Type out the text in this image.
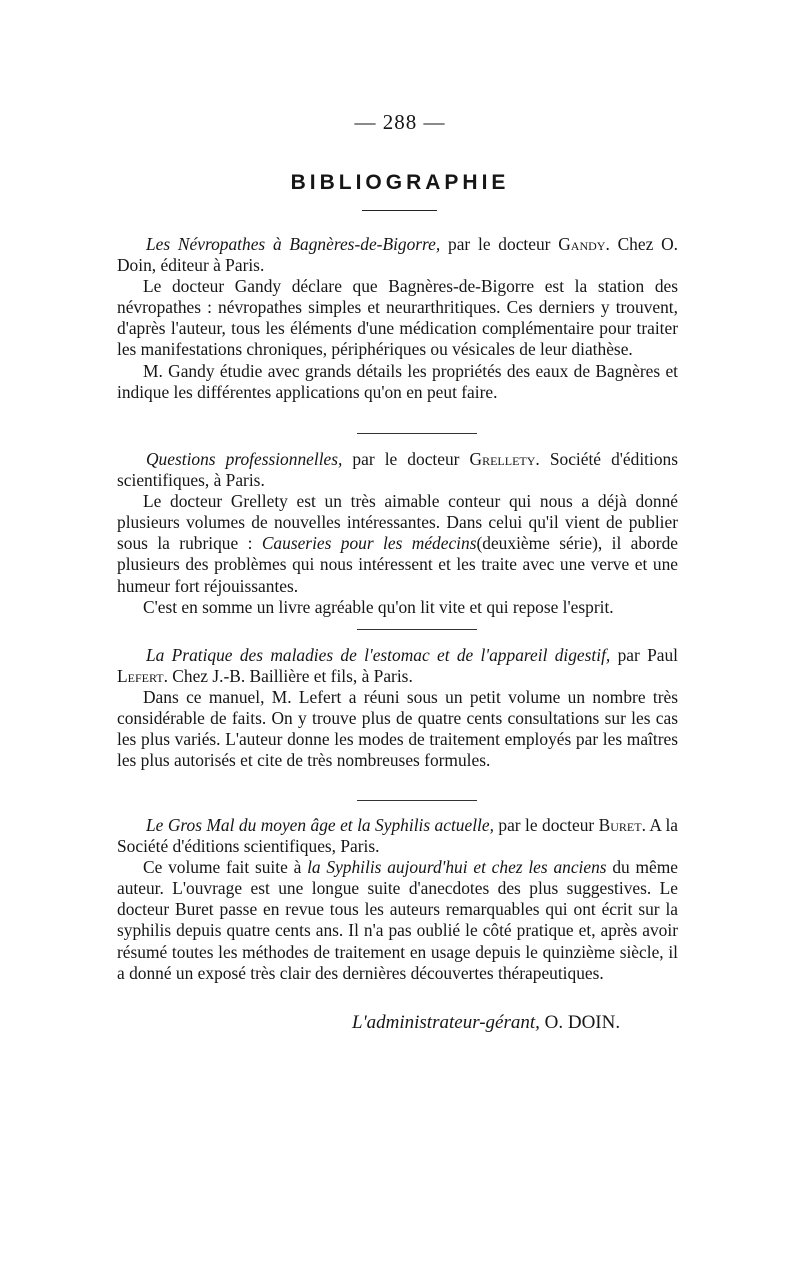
— 288 —
BIBLIOGRAPHIE

Les Névropathes à Bagnères-de-Bigorre, par le docteur Gandy. Chez O. Doin, éditeur à Paris.

Le docteur Gandy déclare que Bagnères-de-Bigorre est la station des névropathes : névropathes simples et neurarthritiques. Ces derniers y trouvent, d'après l'auteur, tous les éléments d'une médication complémentaire pour traiter les manifestations chroniques, périphériques ou vésicales de leur diathèse.

M. Gandy étudie avec grands détails les propriétés des eaux de Bagnères et indique les différentes applications qu'on en peut faire.

Questions professionnelles, par le docteur Grellety. Société d'éditions scientifiques, à Paris.

Le docteur Grellety est un très aimable conteur qui nous a déjà donné plusieurs volumes de nouvelles intéressantes. Dans celui qu'il vient de publier sous la rubrique : Causeries pour les médecins(deuxième série), il aborde plusieurs des problèmes qui nous intéressent et les traite avec une verve et une humeur fort réjouissantes.

C'est en somme un livre agréable qu'on lit vite et qui repose l'esprit.

La Pratique des maladies de l'estomac et de l'appareil digestif, par Paul Lefert. Chez J.-B. Baillière et fils, à Paris.

Dans ce manuel, M. Lefert a réuni sous un petit volume un nombre très considérable de faits. On y trouve plus de quatre cents consultations sur les cas les plus variés. L'auteur donne les modes de traitement employés par les maîtres les plus autorisés et cite de très nombreuses formules.

Le Gros Mal du moyen âge et la Syphilis actuelle, par le docteur Buret. A la Société d'éditions scientifiques, Paris.

Ce volume fait suite à la Syphilis aujourd'hui et chez les anciens du même auteur. L'ouvrage est une longue suite d'anecdotes des plus suggestives. Le docteur Buret passe en revue tous les auteurs remarquables qui ont écrit sur la syphilis depuis quatre cents ans. Il n'a pas oublié le côté pratique et, après avoir résumé toutes les méthodes de traitement en usage depuis le quinzième siècle, il a donné un exposé très clair des dernières découvertes thérapeutiques.

L'administrateur-gérant, O. DOIN.
